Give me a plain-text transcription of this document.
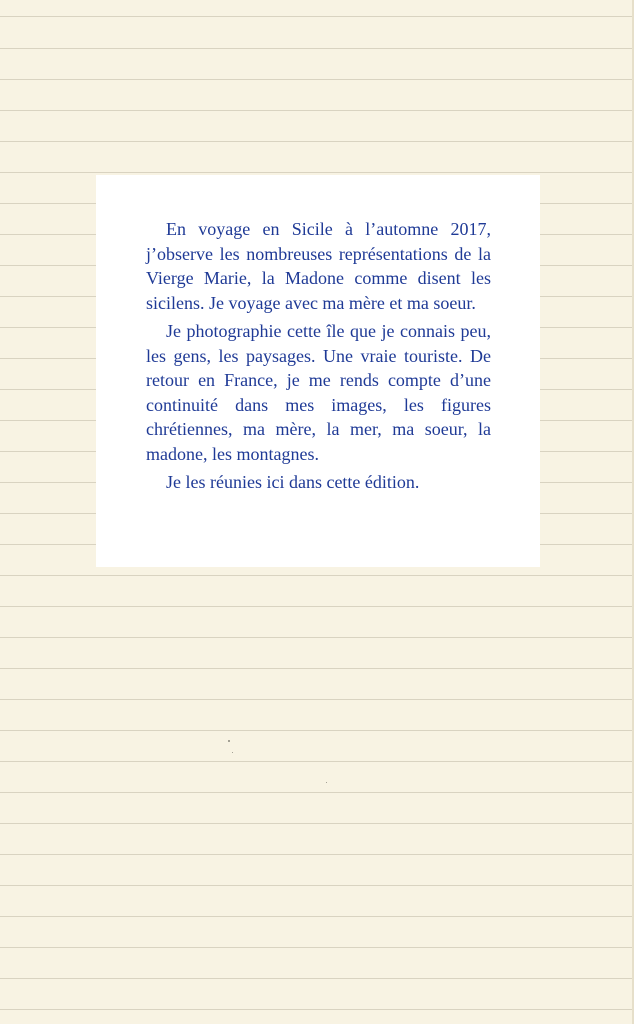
En voyage en Sicile à l’automne 2017, j’observe les nombreuses représentations de la Vierge Marie, la Madone comme disent les sicilens. Je voyage avec ma mère et ma soeur.

Je photographie cette île que je connais peu, les gens, les paysages. Une vraie touriste. De retour en France, je me rends compte d’une continuité dans mes images, les figures chrétiennes, ma mère, la mer, ma soeur, la madone, les montagnes.

Je les réunies ici dans cette édition.
